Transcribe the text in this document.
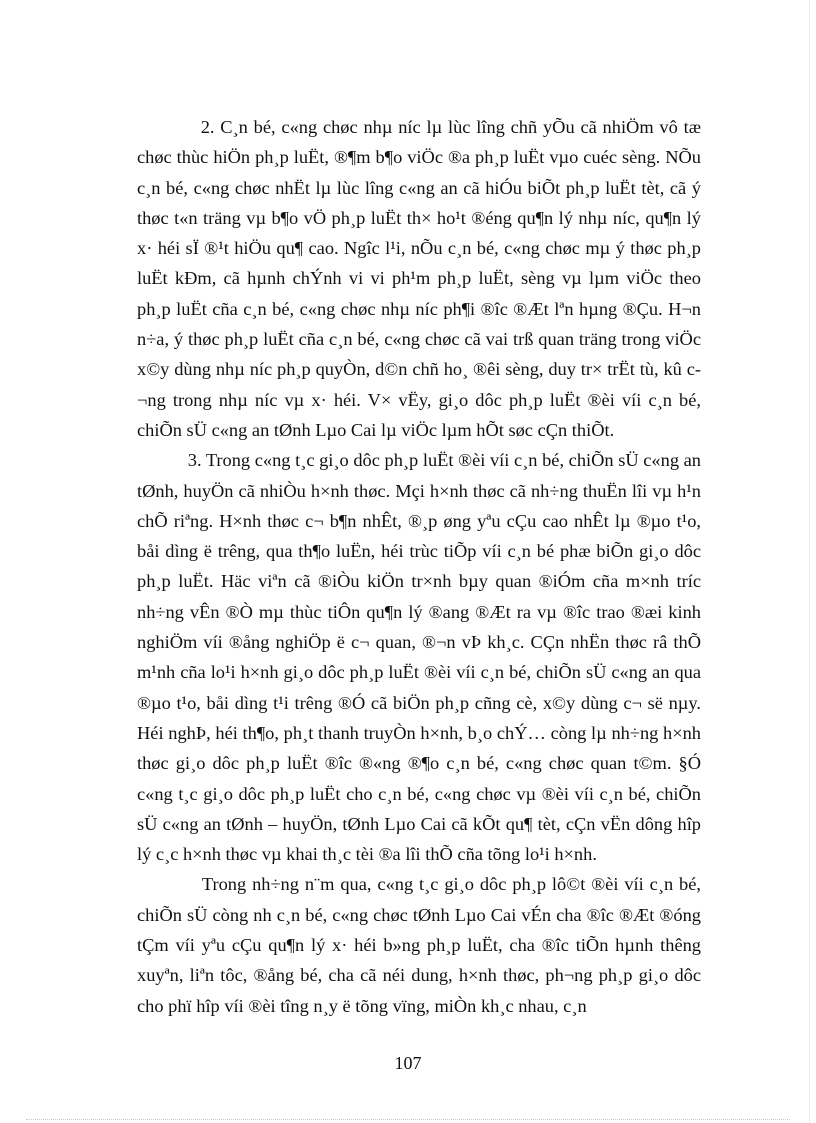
2. C¸n bé, c«ng chøc nhµ níc lµ lùc lîng chñ yÕu cã nhiÖm vô tæ chøc thùc hiÖn ph¸p luËt, ®¶m b¶o viÖc ®a ph¸p luËt vµo cuéc sèng. NÕu c¸n bé, c«ng chøc nhËt lµ lùc lîng c«ng an cã hiÓu biÕt ph¸p luËt tèt, cã ý thøc t«n träng vµ b¶o vÖ ph¸p luËt th× ho¹t ®éng qu¶n lý nhµ níc, qu¶n lý x· héi sÏ ®¹t hiÖu qu¶ cao. Ngîc l¹i, nÕu c¸n bé, c«ng chøc mµ ý thøc ph¸p luËt kÐm, cã hµnh chÝnh vi vi ph¹m ph¸p luËt, sèng vµ lµm viÖc theo ph¸p luËt cña c¸n bé, c«ng chøc nhµ níc ph¶i ®îc ®Æt lªn hµng ®Çu. H¬n n÷a, ý thøc ph¸p luËt cña c¸n bé, c«ng chøc cã vai trß quan träng trong viÖc x©y dùng nhµ níc ph¸p quyÒn, d©n chñ ho¸ ®êi sèng, duy tr× trËt tù, kû c¬ng trong nhµ níc vµ x· héi. V× vËy, gi¸o dôc ph¸p luËt ®èi víi c¸n bé, chiÕn sÜ c«ng an tØnh Lµo Cai lµ viÖc lµm hÕt søc cÇn thiÕt.

3. Trong c«ng t¸c gi¸o dôc ph¸p luËt ®èi víi c¸n bé, chiÕn sÜ c«ng an tØnh, huyÖn cã nhiÒu h×nh thøc. Mçi h×nh thøc cã nh÷ng thuËn lîi vµ h¹n chÕ riªng. H×nh thøc c¬ b¶n nhÊt, ®¸p øng yªu cÇu cao nhÊt lµ ®µo t¹o, båi dìng ë trêng, qua th¶o luËn, héi trùc tiÕp víi c¸n bé phæ biÕn gi¸o dôc ph¸p luËt. Häc viªn cã ®iÒu kiÖn tr×nh bµy quan ®iÓm cña m×nh tríc nh÷ng vÊn ®Ò mµ thùc tiÔn qu¶n lý ®ang ®Æt ra vµ ®îc trao ®æi kinh nghiÖm víi ®ång nghiÖp ë c¬ quan, ®¬n vÞ kh¸c. CÇn nhËn thøc râ thÕ m¹nh cña lo¹i h×nh gi¸o dôc ph¸p luËt ®èi víi c¸n bé, chiÕn sÜ c«ng an qua ®µo t¹o, båi dìng t¹i trêng ®Ó cã biÖn ph¸p cñng cè, x©y dùng c¬ së nµy. Héi nghÞ, héi th¶o, ph¸t thanh truyÒn h×nh, b¸o chÝ… còng lµ nh÷ng h×nh thøc gi¸o dôc ph¸p luËt ®îc ®«ng ®¶o c¸n bé, c«ng chøc quan t©m. §Ó c«ng t¸c gi¸o dôc ph¸p luËt cho c¸n bé, c«ng chøc vµ ®èi víi c¸n bé, chiÕn sÜ c«ng an tØnh – huyÖn, tØnh Lµo Cai cã kÕt qu¶ tèt, cÇn vËn dông hîp lý c¸c h×nh thøc vµ khai th¸c tèi ®a lîi thÕ cña tõng lo¹i h×nh.

Trong nh÷ng n¨m qua, c«ng t¸c gi¸o dôc ph¸p lô©t ®èi víi c¸n bé, chiÕn sÜ còng nh c¸n bé, c«ng chøc tØnh Lµo Cai vÉn cha ®îc ®Æt ®óng tÇm víi yªu cÇu qu¶n lý x· héi b»ng ph¸p luËt, cha ®îc tiÕn hµnh thêng xuyªn, liªn tôc, ®ång bé, cha cã néi dung, h×nh thøc, ph¬ng ph¸p gi¸o dôc cho phï hîp víi ®èi tîng n¸y ë tõng vïng, miÒn kh¸c nhau, c¸n

107
